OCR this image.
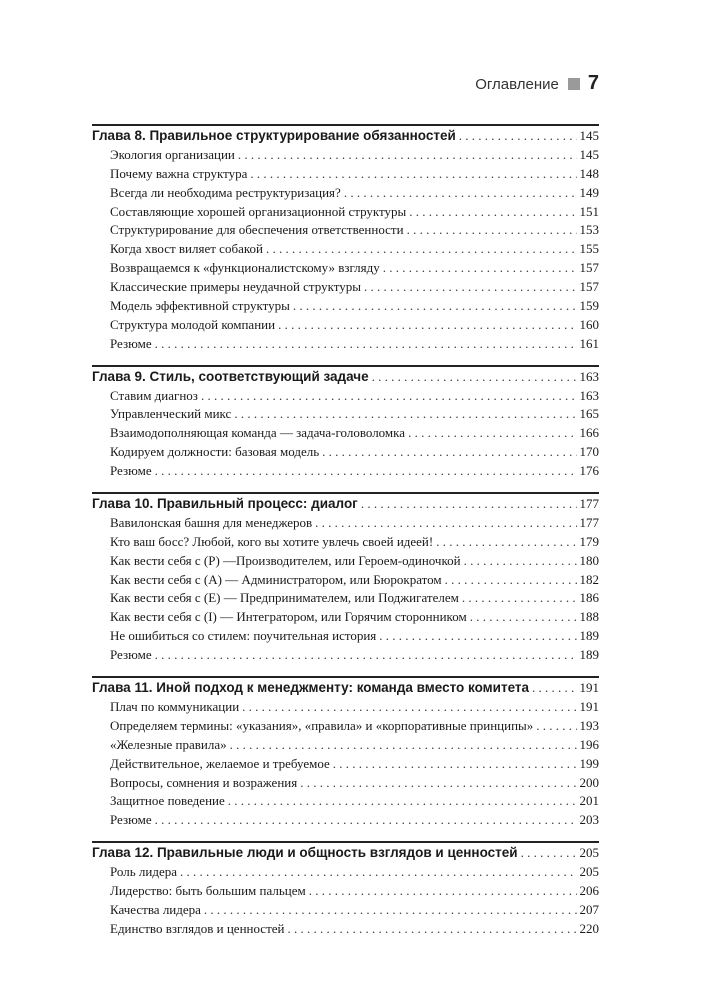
Оглавление 7
Глава 8. Правильное структурирование обязанностей . . .	145
Экология организации . . .	145
Почему важна структура . . .	148
Всегда ли необходима реструктуризация? . . .	149
Составляющие хорошей организационной структуры . . .	151
Структурирование для обеспечения ответственности . . .	153
Когда хвост виляет собакой . . .	155
Возвращаемся к «функционалистскому» взгляду . . .	157
Классические примеры неудачной структуры . . .	157
Модель эффективной структуры . . .	159
Структура молодой компании . . .	160
Резюме . . .	161
Глава 9. Стиль, соответствующий задаче . . .	163
Ставим диагноз . . .	163
Управленческий микс . . .	165
Взаимодополняющая команда — задача-головоломка . . .	166
Кодируем должности: базовая модель . . .	170
Резюме . . .	176
Глава 10. Правильный процесс: диалог . . .	177
Вавилонская башня для менеджеров . . .	177
Кто ваш босс? Любой, кого вы хотите увлечь своей идеей! . . .	179
Как вести себя с (P) —Производителем, или Героем-одиночкой . . .	180
Как вести себя с (A) — Администратором, или Бюрократом . . .	182
Как вести себя с (E) — Предпринимателем, или Поджигателем . . .	186
Как вести себя с (I) — Интегратором, или Горячим сторонником . . .	188
Не ошибиться со стилем: поучительная история . . .	189
Резюме . . .	189
Глава 11. Иной подход к менеджменту: команда вместо комитета . . .	191
Плач по коммуникации . . .	191
Определяем термины: «указания», «правила» и «корпоративные принципы» . . .	193
«Железные правила» . . .	196
Действительное, желаемое и требуемое . . .	199
Вопросы, сомнения и возражения . . .	200
Защитное поведение . . .	201
Резюме . . .	203
Глава 12. Правильные люди и общность взглядов и ценностей . . .	205
Роль лидера . . .	205
Лидерство: быть большим пальцем . . .	206
Качества лидера . . .	207
Единство взглядов и ценностей . . .	220
